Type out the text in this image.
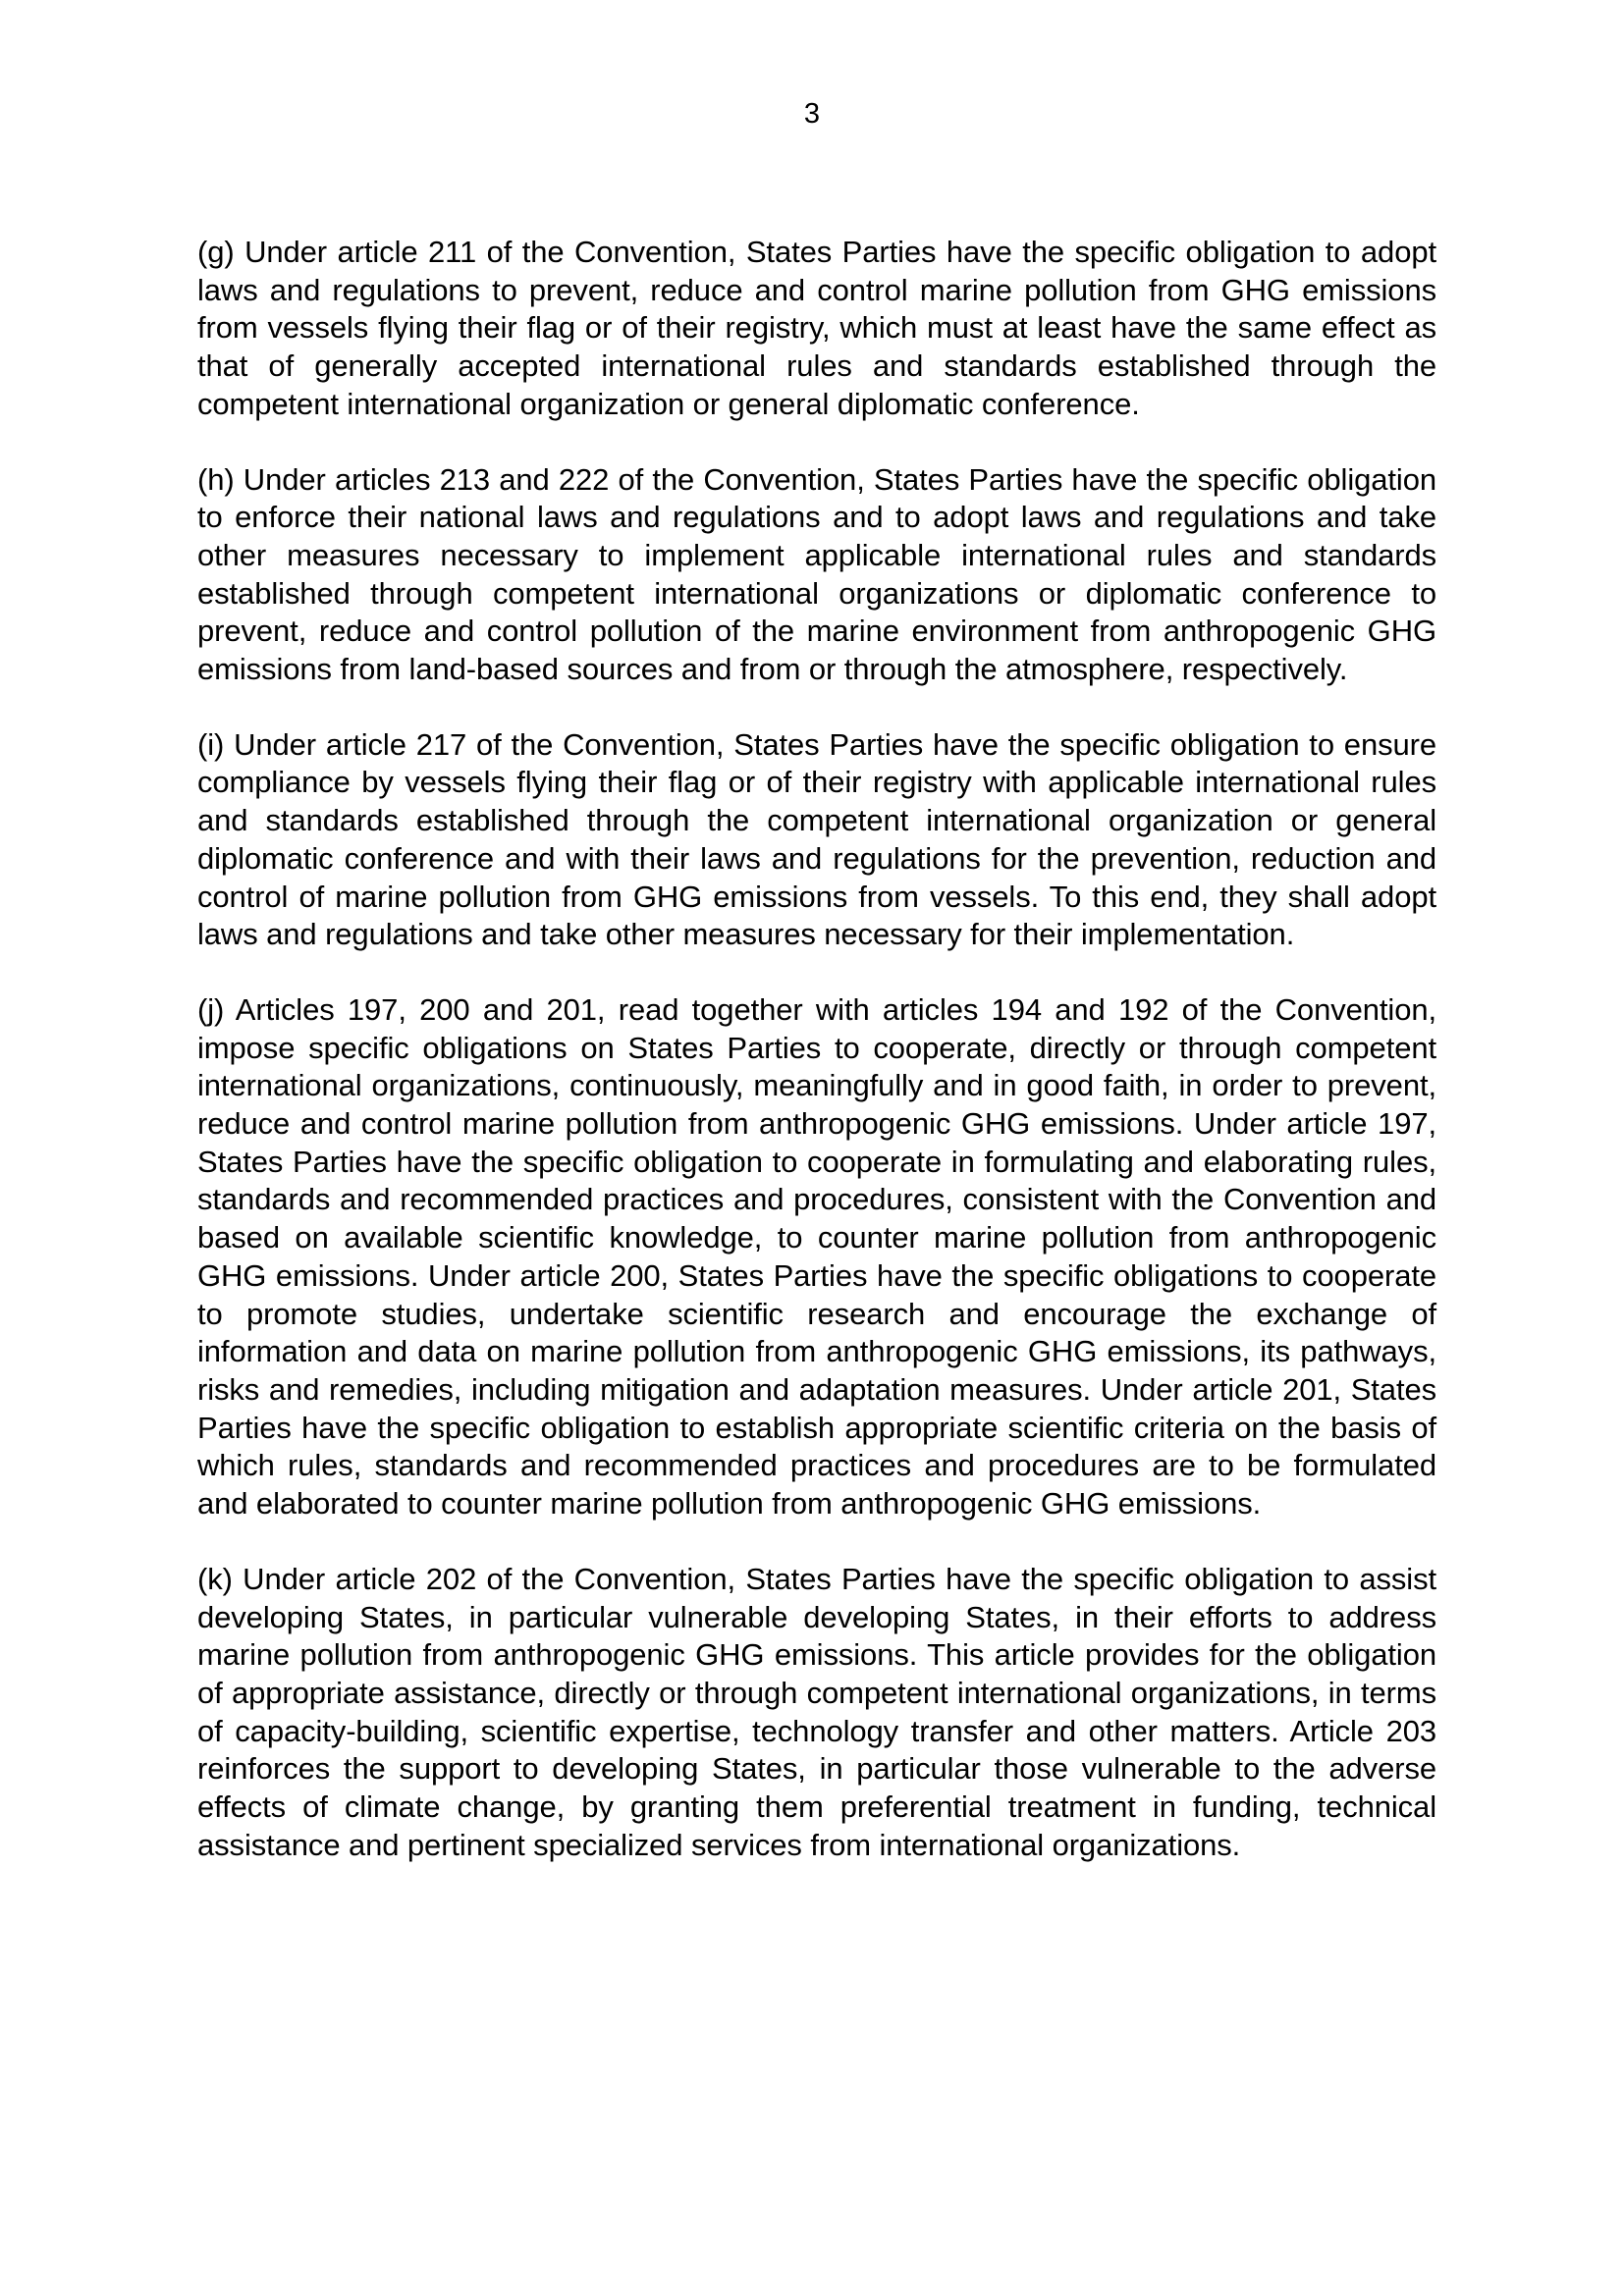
3

(g) Under article 211 of the Convention, States Parties have the specific obligation to adopt laws and regulations to prevent, reduce and control marine pollution from GHG emissions from vessels flying their flag or of their registry, which must at least have the same effect as that of generally accepted international rules and standards established through the competent international organization or general diplomatic conference.

(h) Under articles 213 and 222 of the Convention, States Parties have the specific obligation to enforce their national laws and regulations and to adopt laws and regulations and take other measures necessary to implement applicable international rules and standards established through competent international organizations or diplomatic conference to prevent, reduce and control pollution of the marine environment from anthropogenic GHG emissions from land-based sources and from or through the atmosphere, respectively.

(i) Under article 217 of the Convention, States Parties have the specific obligation to ensure compliance by vessels flying their flag or of their registry with applicable international rules and standards established through the competent international organization or general diplomatic conference and with their laws and regulations for the prevention, reduction and control of marine pollution from GHG emissions from vessels. To this end, they shall adopt laws and regulations and take other measures necessary for their implementation.

(j) Articles 197, 200 and 201, read together with articles 194 and 192 of the Convention, impose specific obligations on States Parties to cooperate, directly or through competent international organizations, continuously, meaningfully and in good faith, in order to prevent, reduce and control marine pollution from anthropogenic GHG emissions. Under article 197, States Parties have the specific obligation to cooperate in formulating and elaborating rules, standards and recommended practices and procedures, consistent with the Convention and based on available scientific knowledge, to counter marine pollution from anthropogenic GHG emissions. Under article 200, States Parties have the specific obligations to cooperate to promote studies, undertake scientific research and encourage the exchange of information and data on marine pollution from anthropogenic GHG emissions, its pathways, risks and remedies, including mitigation and adaptation measures. Under article 201, States Parties have the specific obligation to establish appropriate scientific criteria on the basis of which rules, standards and recommended practices and procedures are to be formulated and elaborated to counter marine pollution from anthropogenic GHG emissions.

(k) Under article 202 of the Convention, States Parties have the specific obligation to assist developing States, in particular vulnerable developing States, in their efforts to address marine pollution from anthropogenic GHG emissions. This article provides for the obligation of appropriate assistance, directly or through competent international organizations, in terms of capacity-building, scientific expertise, technology transfer and other matters. Article 203 reinforces the support to developing States, in particular those vulnerable to the adverse effects of climate change, by granting them preferential treatment in funding, technical assistance and pertinent specialized services from international organizations.
